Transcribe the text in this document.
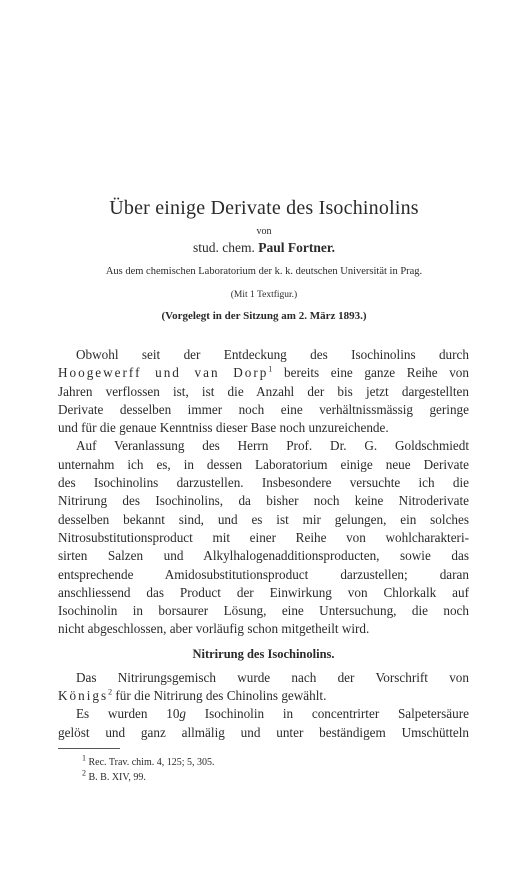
Über einige Derivate des Isochinolins
von
stud. chem. Paul Fortner.
Aus dem chemischen Laboratorium der k. k. deutschen Universität in Prag.
(Mit 1 Textfigur.)
(Vorgelegt in der Sitzung am 2. März 1893.)
Obwohl seit der Entdeckung des Isochinolins durch
Hoogewerff und van Dorp$^1$ bereits eine ganze Reihe von
Jahren verflossen ist, ist die Anzahl der bis jetzt dargestellten
Derivate desselben immer noch eine verhältnissmässig geringe
und für die genaue Kenntniss dieser Base noch unzureichende.
Auf Veranlassung des Herrn Prof. Dr. G. Goldschmiedt
unternahm ich es, in dessen Laboratorium einige neue Derivate
des Isochinolins darzustellen. Insbesondere versuchte ich die
Nitrirung des Isochinolins, da bisher noch keine Nitroderivate
desselben bekannt sind, und es ist mir gelungen, ein solches
Nitrosubstitutionsproduct mit einer Reihe von wohlcharakteri-
sirten Salzen und Alkylhalogenadditionsproducten, sowie das
entsprechende Amidosubstitutionsproduct darzustellen; daran
anschliessend das Product der Einwirkung von Chlorkalk auf
Isochinolin in borsaurer Lösung, eine Untersuchung, die noch
nicht abgeschlossen, aber vorläufig schon mitgetheilt wird.
Nitrirung des Isochinolins.
Das Nitrirungsgemisch wurde nach der Vorschrift von
Königs$^2$ für die Nitrirung des Chinolins gewählt.
Es wurden 10g Isochinolin in concentrirter Salpetersäure
gelöst und ganz allmälig und unter beständigem Umschütteln
$^1$ Rec. Trav. chim. 4, 125; 5, 305.
$^2$ B. B. XIV, 99.
